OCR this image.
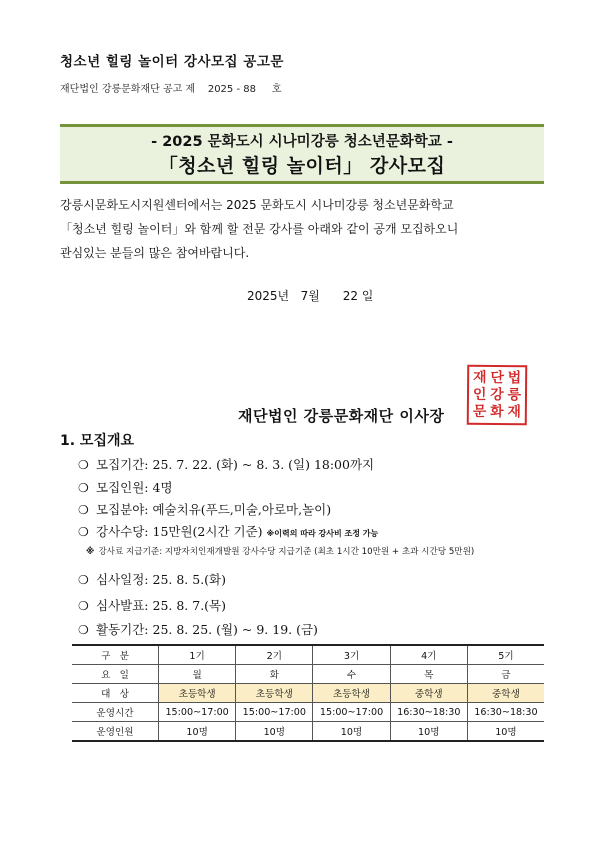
청소년 힐링 놀이터 강사모집 공고문
재단법인 강릉문화재단 공고 제    2025 - 88     호
- 2025 문화도시 시나미강릉 청소년문화학교 -
「청소년 힐링 놀이터」 강사모집
강릉시문화도시지원센터에서는 2025 문화도시 시나미강릉 청소년문화학교
「청소년 힐링 놀이터」와 함께 할 전문 강사를 아래와 같이 공개 모집하오니
관심있는 분들의 많은 참여바랍니다.
2025년   7월      22 일
재 단 법
인 강 릉
문 화 재
재단법인 강릉문화재단 이사장
1. 모집개요
❍ 모집기간: 25. 7. 22. (화) ~ 8. 3. (일) 18:00까지
❍ 모집인원: 4명
❍ 모집분야: 예술치유(푸드,미술,아로마,놀이)
❍ 강사수당: 15만원(2시간 기준) ※이력의 따라 강사비 조정 가능
※ 강사료 지급기준: 지방자치인재개발원 강사수당 지급기준 (최초 1시간 10만원 + 초과 시간당 5만원)
❍ 심사일정: 25. 8. 5.(화)
❍ 심사발표: 25. 8. 7.(목)
❍ 활동기간: 25. 8. 25. (월) ~ 9. 19. (금)
구   분	1기	2기	3기	4기	5기
요   일	월	화	수	목	금
대   상	초등학생	초등학생	초등학생	중학생	중학생
운영시간	15:00~17:00	15:00~17:00	15:00~17:00	16:30~18:30	16:30~18:30
운영인원	10명	10명	10명	10명	10명
